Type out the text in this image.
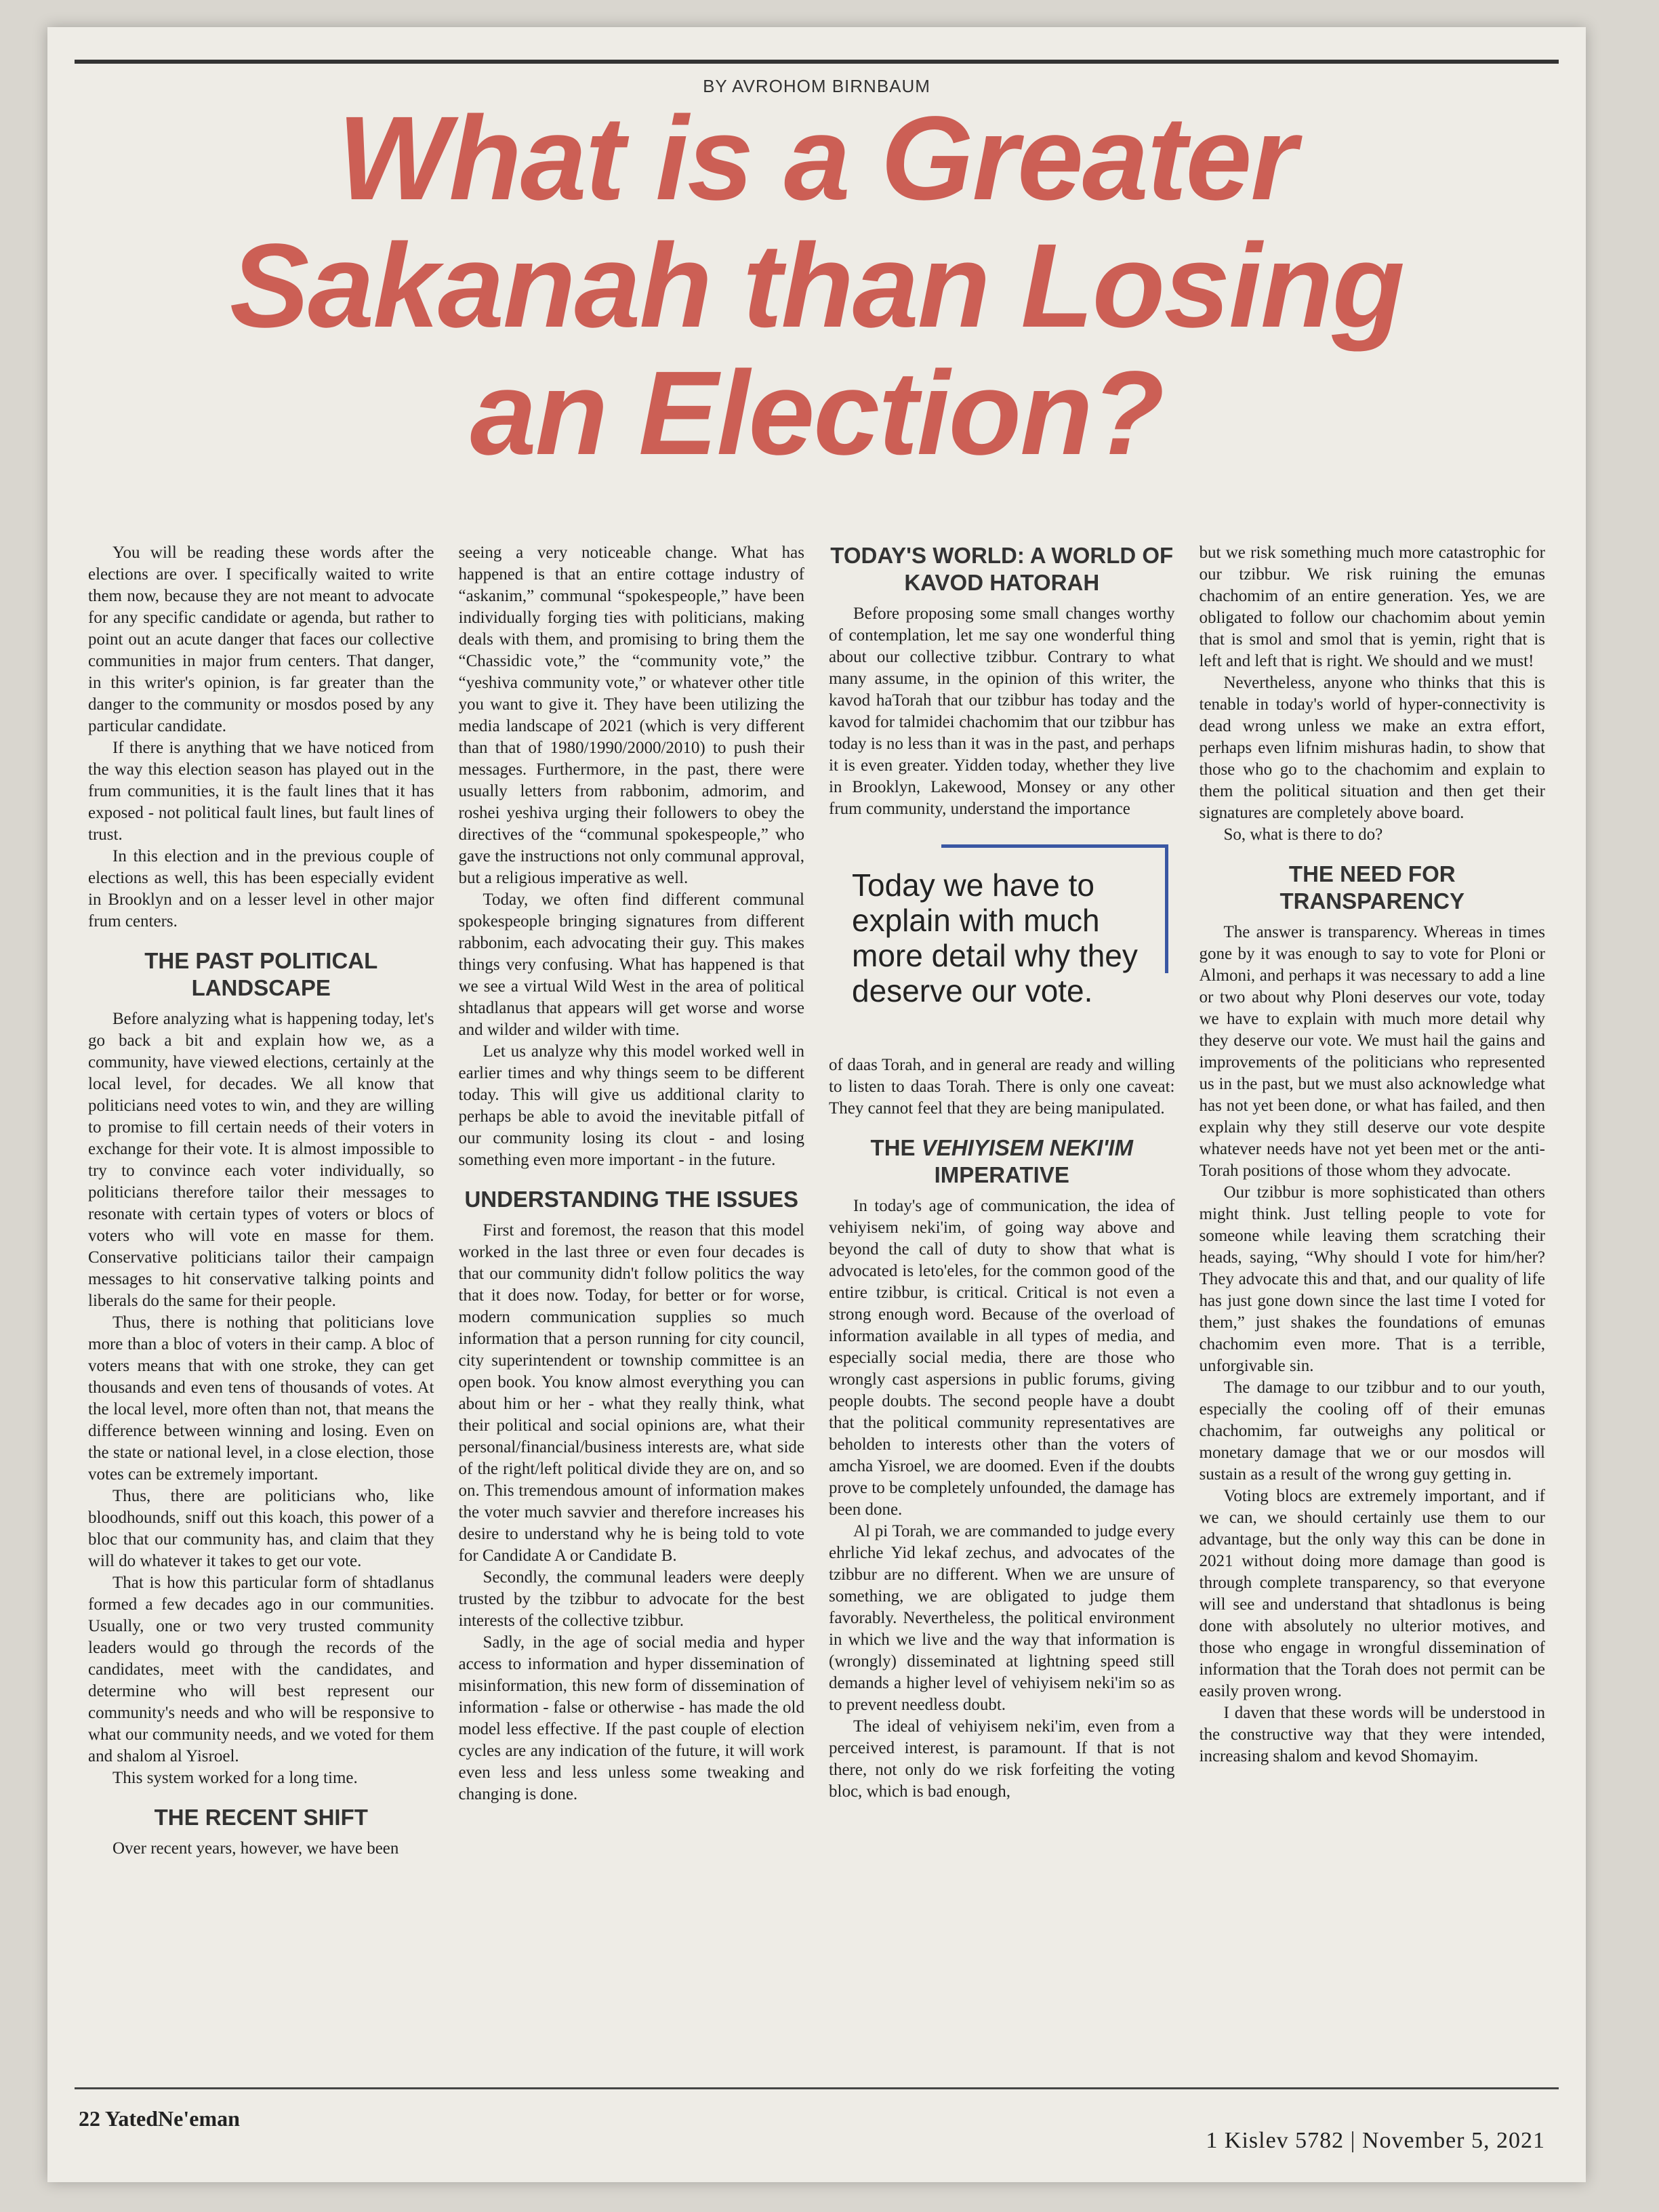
BY AVROHOM BIRNBAUM
What is a Greater
Sakanah than Losing
an Election?

You will be reading these words after the elections are over. I specifically waited to write them now, because they are not meant to advocate for any specific candidate or agenda, but rather to point out an acute danger that faces our collective communities in major frum centers. That danger, in this writer's opinion, is far greater than the danger to the community or mosdos posed by any particular candidate.

If there is anything that we have noticed from the way this election season has played out in the frum communities, it is the fault lines that it has exposed - not political fault lines, but fault lines of trust.

In this election and in the previous couple of elections as well, this has been especially evident in Brooklyn and on a lesser level in other major frum centers.

THE PAST POLITICAL LANDSCAPE

Before analyzing what is happening today, let's go back a bit and explain how we, as a community, have viewed elections, certainly at the local level, for decades. We all know that politicians need votes to win, and they are willing to promise to fill certain needs of their voters in exchange for their vote. It is almost impossible to try to convince each voter individually, so politicians therefore tailor their messages to resonate with certain types of voters or blocs of voters who will vote en masse for them. Conservative politicians tailor their campaign messages to hit conservative talking points and liberals do the same for their people.

Thus, there is nothing that politicians love more than a bloc of voters in their camp. A bloc of voters means that with one stroke, they can get thousands and even tens of thousands of votes. At the local level, more often than not, that means the difference between winning and losing. Even on the state or national level, in a close election, those votes can be extremely important.

Thus, there are politicians who, like bloodhounds, sniff out this koach, this power of a bloc that our community has, and claim that they will do whatever it takes to get our vote.

That is how this particular form of shtadlanus formed a few decades ago in our communities. Usually, one or two very trusted community leaders would go through the records of the candidates, meet with the candidates, and determine who will best represent our community's needs and who will be responsive to what our community needs, and we voted for them and shalom al Yisroel.

This system worked for a long time.

THE RECENT SHIFT

Over recent years, however, we have been

seeing a very noticeable change. What has happened is that an entire cottage industry of “askanim,” communal “spokespeople,” have been individually forging ties with politicians, making deals with them, and promising to bring them the “Chassidic vote,” the “community vote,” the “yeshiva community vote,” or whatever other title you want to give it. They have been utilizing the media landscape of 2021 (which is very different than that of 1980/1990/2000/2010) to push their messages. Furthermore, in the past, there were usually letters from rabbonim, admorim, and roshei yeshiva urging their followers to obey the directives of the “communal spokespeople,” who gave the instructions not only communal approval, but a religious imperative as well.

Today, we often find different communal spokespeople bringing signatures from different rabbonim, each advocating their guy. This makes things very confusing. What has happened is that we see a virtual Wild West in the area of political shtadlanus that appears will get worse and worse and wilder and wilder with time.

Let us analyze why this model worked well in earlier times and why things seem to be different today. This will give us additional clarity to perhaps be able to avoid the inevitable pitfall of our community losing its clout - and losing something even more important - in the future.

UNDERSTANDING THE ISSUES

First and foremost, the reason that this model worked in the last three or even four decades is that our community didn't follow politics the way that it does now. Today, for better or for worse, modern communication supplies so much information that a person running for city council, city superintendent or township committee is an open book. You know almost everything you can about him or her - what they really think, what their political and social opinions are, what their personal/financial/business interests are, what side of the right/left political divide they are on, and so on. This tremendous amount of information makes the voter much savvier and therefore increases his desire to understand why he is being told to vote for Candidate A or Candidate B.

Secondly, the communal leaders were deeply trusted by the tzibbur to advocate for the best interests of the collective tzibbur.

Sadly, in the age of social media and hyper access to information and hyper dissemination of misinformation, this new form of dissemination of information - false or otherwise - has made the old model less effective. If the past couple of election cycles are any indication of the future, it will work even less and less unless some tweaking and changing is done.

TODAY'S WORLD: A WORLD OF KAVOD HATORAH

Before proposing some small changes worthy of contemplation, let me say one wonderful thing about our collective tzibbur. Contrary to what many assume, in the opinion of this writer, the kavod haTorah that our tzibbur has today and the kavod for talmidei chachomim that our tzibbur has today is no less than it was in the past, and perhaps it is even greater. Yidden today, whether they live in Brooklyn, Lakewood, Monsey or any other frum community, understand the importance

Today we have to explain with much more detail why they deserve our vote.

of daas Torah, and in general are ready and willing to listen to daas Torah. There is only one caveat: They cannot feel that they are being manipulated.

THE VEHIYISEM NEKI'IM IMPERATIVE

In today's age of communication, the idea of vehiyisem neki'im, of going way above and beyond the call of duty to show that what is advocated is leto'eles, for the common good of the entire tzibbur, is critical. Critical is not even a strong enough word. Because of the overload of information available in all types of media, and especially social media, there are those who wrongly cast aspersions in public forums, giving people doubts. The second people have a doubt that the political community representatives are beholden to interests other than the voters of amcha Yisroel, we are doomed. Even if the doubts prove to be completely unfounded, the damage has been done.

Al pi Torah, we are commanded to judge every ehrliche Yid lekaf zechus, and advocates of the tzibbur are no different. When we are unsure of something, we are obligated to judge them favorably. Nevertheless, the political environment in which we live and the way that information is (wrongly) disseminated at lightning speed still demands a higher level of vehiyisem neki'im so as to prevent needless doubt.

The ideal of vehiyisem neki'im, even from a perceived interest, is paramount. If that is not there, not only do we risk forfeiting the voting bloc, which is bad enough,

but we risk something much more catastrophic for our tzibbur. We risk ruining the emunas chachomim of an entire generation. Yes, we are obligated to follow our chachomim about yemin that is smol and smol that is yemin, right that is left and left that is right. We should and we must!

Nevertheless, anyone who thinks that this is tenable in today's world of hyper-connectivity is dead wrong unless we make an extra effort, perhaps even lifnim mishuras hadin, to show that those who go to the chachomim and explain to them the political situation and then get their signatures are completely above board.

So, what is there to do?

THE NEED FOR TRANSPARENCY

The answer is transparency. Whereas in times gone by it was enough to say to vote for Ploni or Almoni, and perhaps it was necessary to add a line or two about why Ploni deserves our vote, today we have to explain with much more detail why they deserve our vote. We must hail the gains and improvements of the politicians who represented us in the past, but we must also acknowledge what has not yet been done, or what has failed, and then explain why they still deserve our vote despite whatever needs have not yet been met or the anti-Torah positions of those whom they advocate.

Our tzibbur is more sophisticated than others might think. Just telling people to vote for someone while leaving them scratching their heads, saying, “Why should I vote for him/her? They advocate this and that, and our quality of life has just gone down since the last time I voted for them,” just shakes the foundations of emunas chachomim even more. That is a terrible, unforgivable sin.

The damage to our tzibbur and to our youth, especially the cooling off of their emunas chachomim, far outweighs any political or monetary damage that we or our mosdos will sustain as a result of the wrong guy getting in.

Voting blocs are extremely important, and if we can, we should certainly use them to our advantage, but the only way this can be done in 2021 without doing more damage than good is through complete transparency, so that everyone will see and understand that shtadlonus is being done with absolutely no ulterior motives, and those who engage in wrongful dissemination of information that the Torah does not permit can be easily proven wrong.

I daven that these words will be understood in the constructive way that they were intended, increasing shalom and kevod Shomayim.

22 YatedNe'eman
1 Kislev 5782 | November 5, 2021
